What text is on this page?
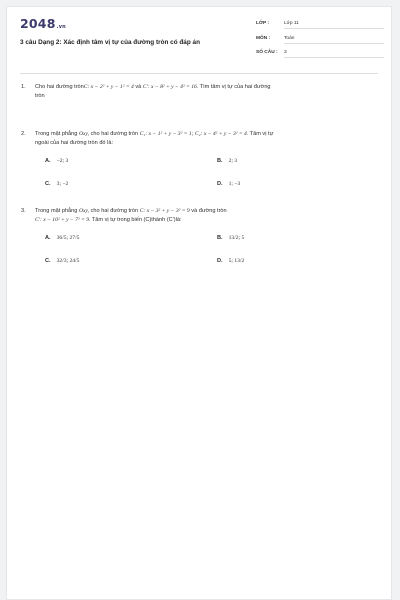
2048.vn
3 câu Dạng 2: Xác định tâm vị tự của đường tròn có đáp án
LỚP :	Lớp 11
MÔN :	Toán
SỐ CÂU :	3
1. Cho hai đường trònC: x − 2² + y − 1² = 4 và C′: x − 8² + y − 4² = 16. Tìm tâm vị tự của hai đường
tròn
2. Trong mặt phẳng Oxy, cho hai đường tròn C₁: x − 1² + y − 3² = 1; C₂: x − 4² + y − 3² = 4. Tâm vị tự
ngoài của hai đường tròn đó là:
A. −2; 3	B. 2; 3
C. 3; −2	D. 1; −3
3. Trong mặt phẳng Oxy, cho hai đường tròn C: x − 3² + y − 3² = 9 và đường tròn
C′: x − 10² + y − 7² = 9. Tâm vị tự trong biến (C)thành (C')là:
A. 36/5; 27/5	B. 13/2; 5
C. 32/3; 24/5	D. 5; 13/2
